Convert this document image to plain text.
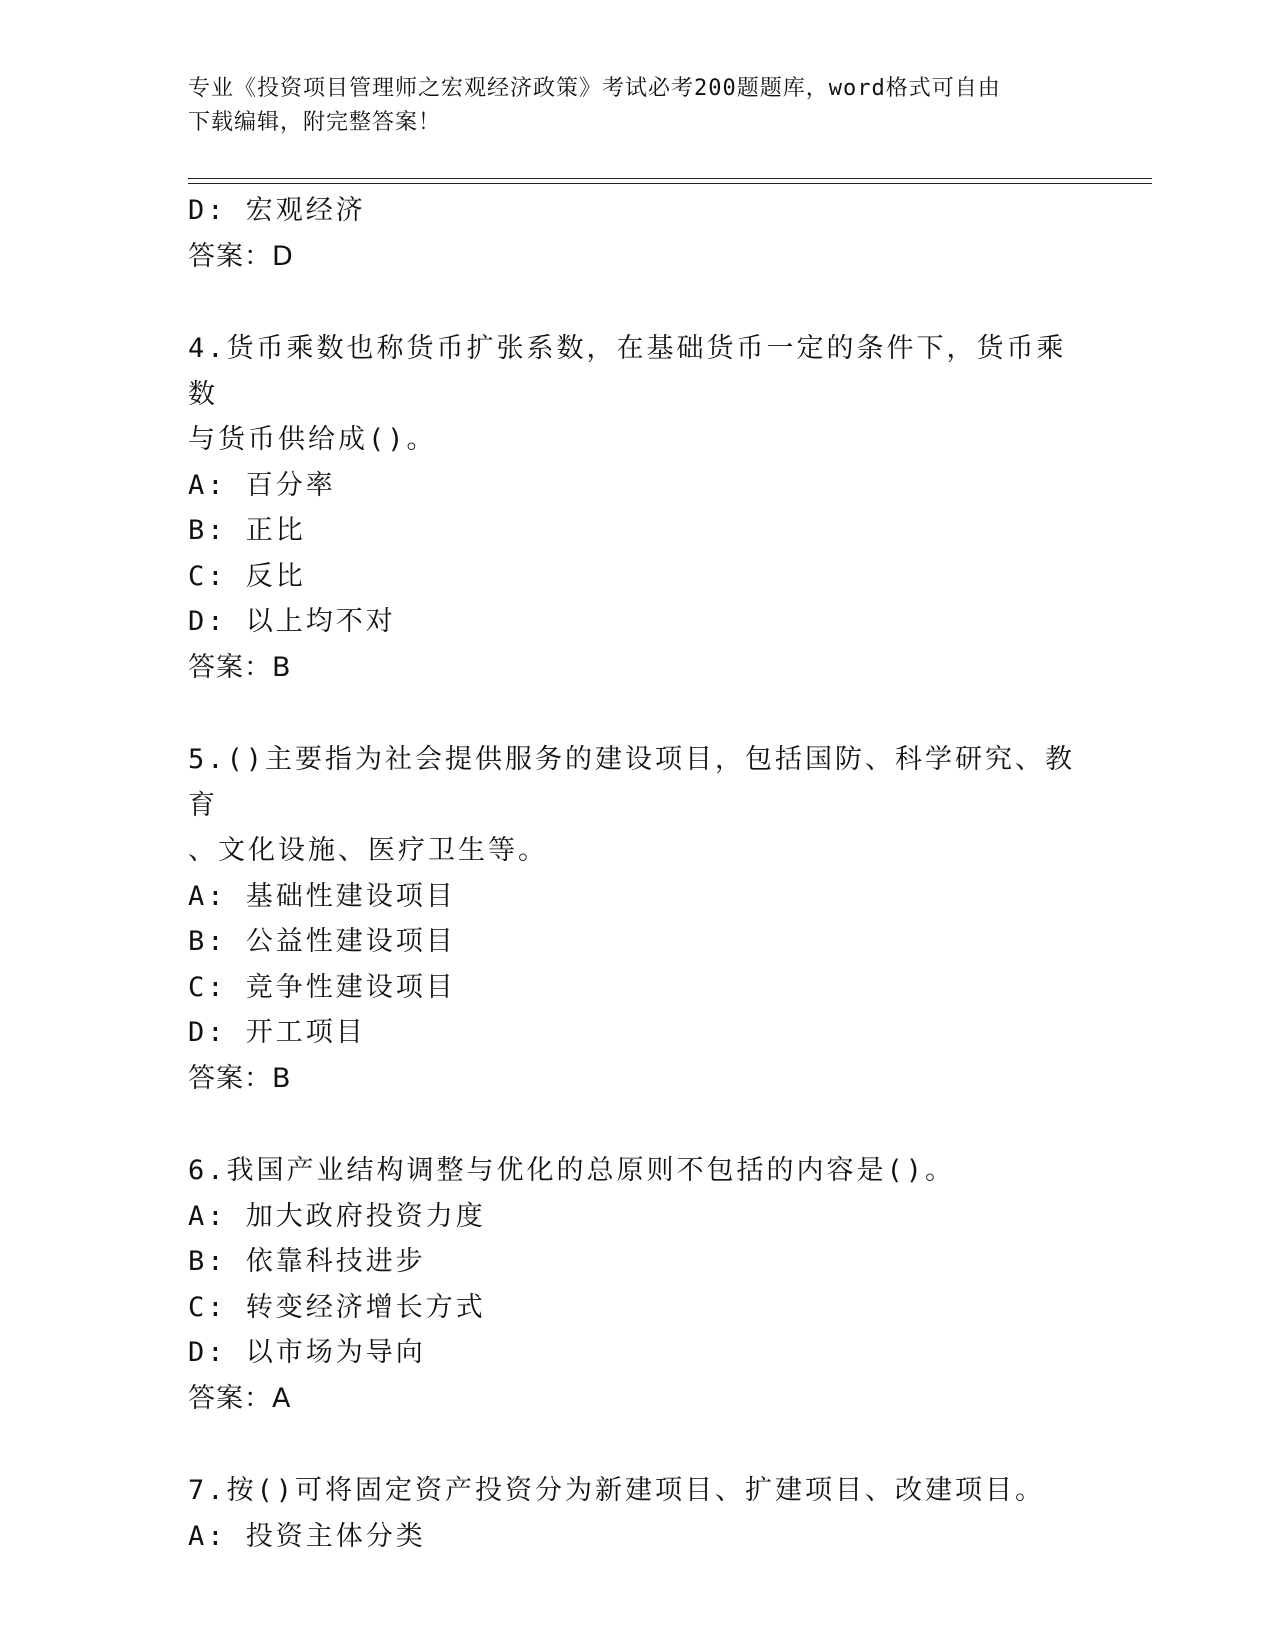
专业《投资项目管理师之宏观经济政策》考试必考200题题库，word格式可自由
下载编辑，附完整答案！
D: 宏观经济
答案：D
4.货币乘数也称货币扩张系数，在基础货币一定的条件下，货币乘数
与货币供给成()。
A: 百分率
B: 正比
C: 反比
D: 以上均不对
答案：B
5.()主要指为社会提供服务的建设项目，包括国防、科学研究、教育
、文化设施、医疗卫生等。
A: 基础性建设项目
B: 公益性建设项目
C: 竞争性建设项目
D: 开工项目
答案：B
6.我国产业结构调整与优化的总原则不包括的内容是()。
A: 加大政府投资力度
B: 依靠科技进步
C: 转变经济增长方式
D: 以市场为导向
答案：A
7.按()可将固定资产投资分为新建项目、扩建项目、改建项目。
A: 投资主体分类
